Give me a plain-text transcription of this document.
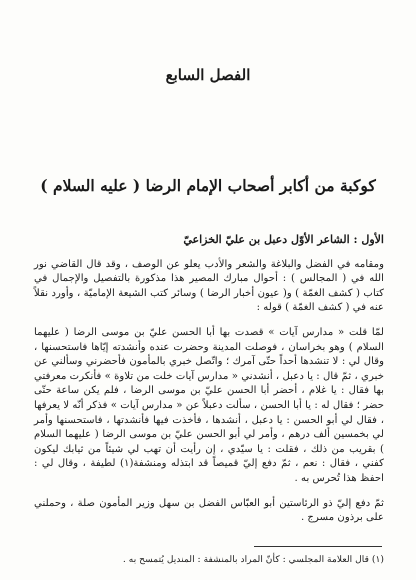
الفصل السابع
كوكبة من أكابر أصحاب الإمام الرضا ( عليه السلام )

الأول : الشاعر الأوّل دعبل بن عليّ الخزاعيّ

ومقامه في الفضل والبلاغة والشعر والأدب يعلو عن الوصف ، وقد قال القاضي نور الله في ( المجالس ) : أحوال مبارك المصير هذا مذكورة بالتفصيل والإجمال في كتاب ( كشف الغمّة ) و( عيون أخبار الرضا ) وسائر كتب الشيعة الإماميّة ، وأورد نقلاً عنه في ( كشف الغمّة ) قوله :

لمّا قلت « مدارس آيات » قصدت بها أبا الحسن عليّ بن موسى الرضا ( عليهما السلام ) وهو بخراسان ، فوصلت المدينة وحضرت عنده وأنشدته إيّاها فاستحسنها ، وقال لي : لا تنشدها أحداً حتّى آمرك ؛ واتّصل خبري بالمأمون فأحضرني وسألني عن خبري ، ثمّ قال : يا دعبل ، أنشدني « مدارس آيات خلت من تلاوة » فأنكرت معرفتي بها فقال : يا غلام ، أحضر أبا الحسن عليّ بن موسى الرضا ، فلم يكن ساعة حتّى حضر ؛ فقال له : يا أبا الحسن ، سألت دعبلاً عن « مدارس آيات » فذكر أنّه لا يعرفها ، فقال لي أبو الحسن : يا دعبل ، أنشدها ، فأخذت فيها فأنشدتها ، فاستحسنها وأمر لي بخمسين ألف درهم ، وأمر لي أبو الحسن عليّ بن موسى الرضا ( عليهما السلام ) بقريب من ذلك ، فقلت : يا سيّدي ، إن رأيت أن تهب لي شيئاً من ثيابك ليكون كفني ، فقال : نعم ، ثمّ دفع إليّ قميصاً قد ابتذله ومنشفة(١) لطيفة ، وقال لي : احفظ هذا تُحرس به .

ثمّ دفع إليّ ذو الرئاستين أبو العبّاس الفضل بن سهل وزير المأمون صلة ، وحملني على برذون مسرج .

(١) قال العلامة المجلسي : كأنّ المراد بالمنشفة : المنديل يُتمسح به .
